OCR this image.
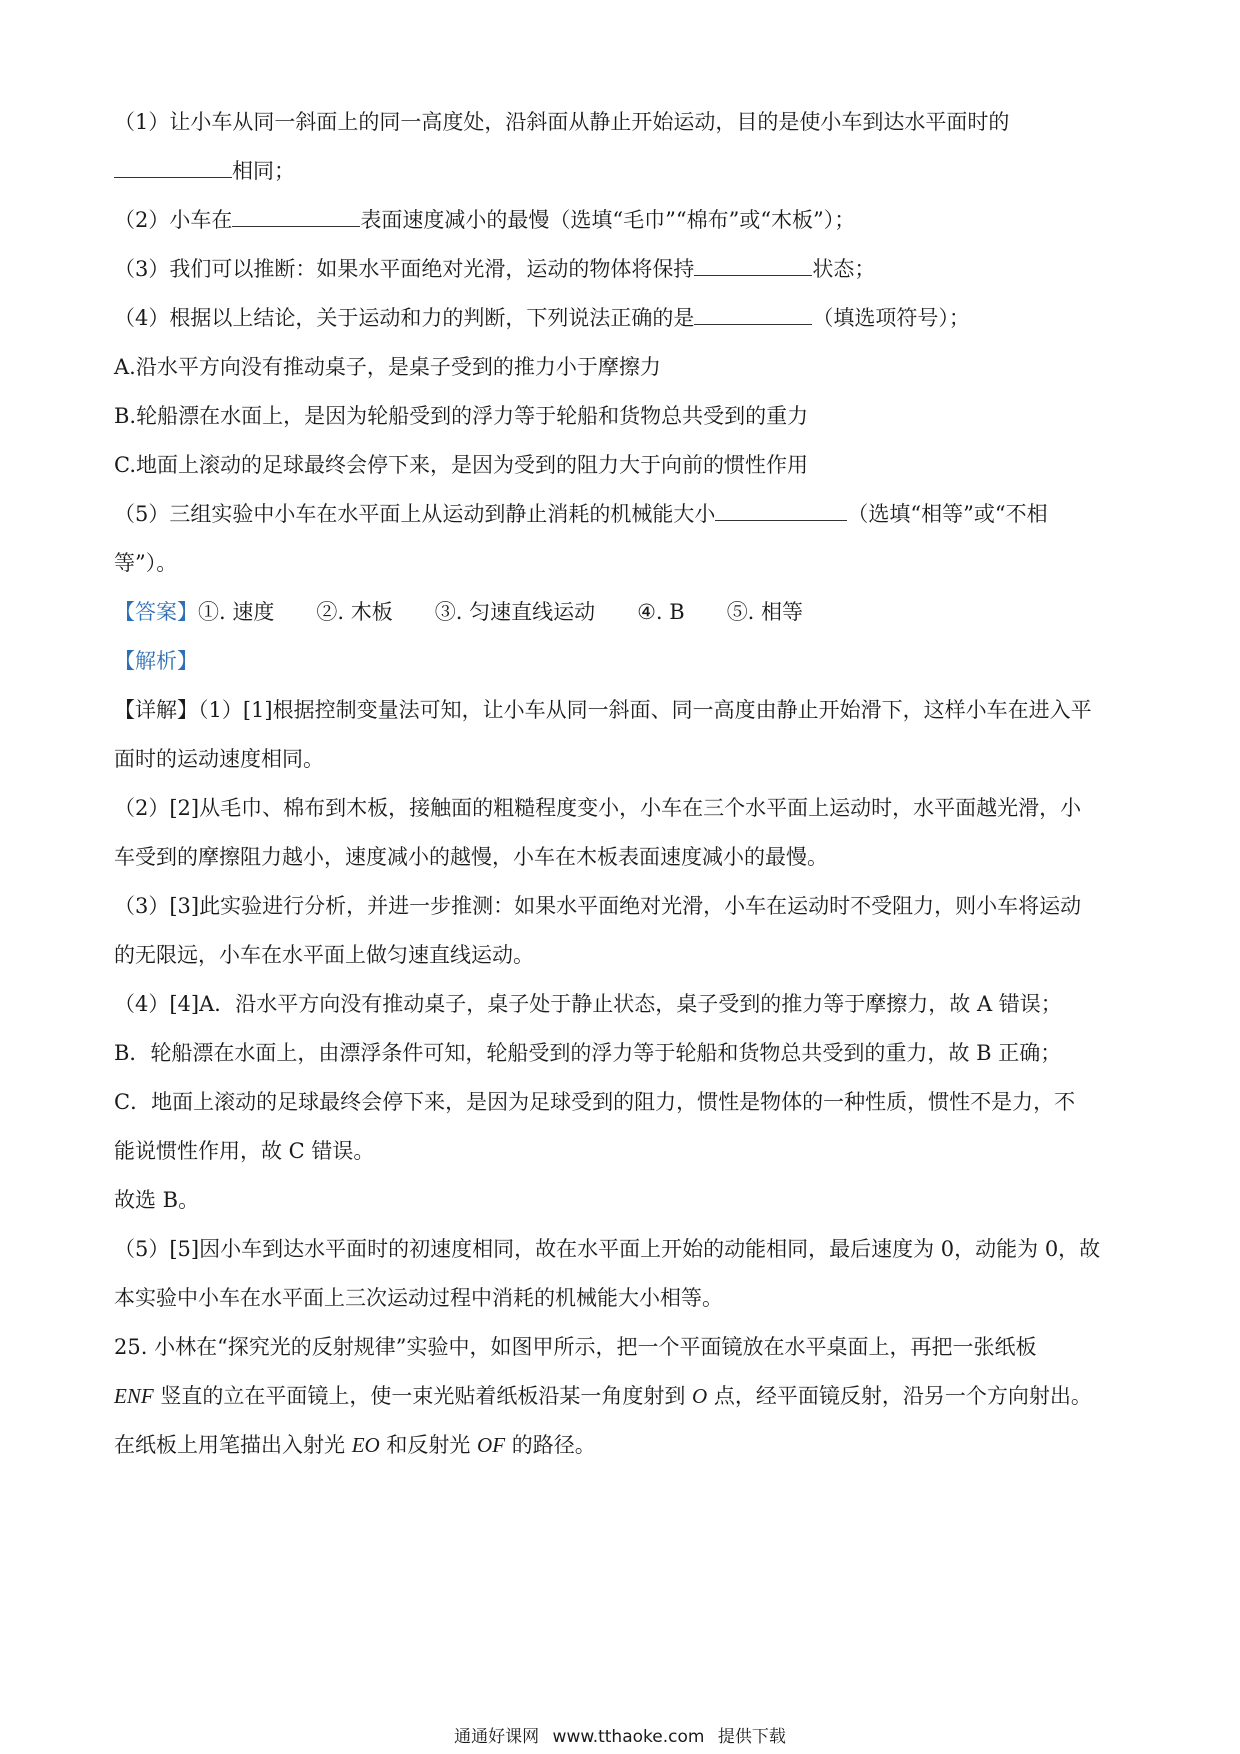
（1）让小车从同一斜面上的同一高度处，沿斜面从静止开始运动，目的是使小车到达水平面时的
相同；
（2）小车在	表面速度减小的最慢（选填“毛巾”“棉布”或“木板”）；
（3）我们可以推断：如果水平面绝对光滑，运动的物体将保持	状态；
（4）根据以上结论，关于运动和力的判断，下列说法正确的是	（填选项符号）；
A.沿水平方向没有推动桌子，是桌子受到的推力小于摩擦力
B.轮船漂在水面上，是因为轮船受到的浮力等于轮船和货物总共受到的重力
C.地面上滚动的足球最终会停下来，是因为受到的阻力大于向前的惯性作用
（5）三组实验中小车在水平面上从运动到静止消耗的机械能大小	（选填“相等”或“不相
等”）。
【答案】①. 速度 ②. 木板 ③. 匀速直线运动 ④. B ⑤. 相等
【解析】
【详解】（1）[1]根据控制变量法可知，让小车从同一斜面、同一高度由静止开始滑下，这样小车在进入平
面时的运动速度相同。
（2）[2]从毛巾、棉布到木板，接触面的粗糙程度变小，小车在三个水平面上运动时，水平面越光滑，小
车受到的摩擦阻力越小，速度减小的越慢，小车在木板表面速度减小的最慢。
（3）[3]此实验进行分析，并进一步推测：如果水平面绝对光滑，小车在运动时不受阻力，则小车将运动
的无限远，小车在水平面上做匀速直线运动。
（4）[4]A．沿水平方向没有推动桌子，桌子处于静止状态，桌子受到的推力等于摩擦力，故 A 错误；
B．轮船漂在水面上，由漂浮条件可知，轮船受到的浮力等于轮船和货物总共受到的重力，故 B 正确；
C．地面上滚动的足球最终会停下来，是因为足球受到的阻力，惯性是物体的一种性质，惯性不是力，不
能说惯性作用，故 C 错误。
故选 B。
（5）[5]因小车到达水平面时的初速度相同，故在水平面上开始的动能相同，最后速度为 0，动能为 0，故
本实验中小车在水平面上三次运动过程中消耗的机械能大小相等。
25. 小林在“探究光的反射规律”实验中，如图甲所示，把一个平面镜放在水平桌面上，再把一张纸板
ENF 竖直的立在平面镜上，使一束光贴着纸板沿某一角度射到 O 点，经平面镜反射，沿另一个方向射出。
在纸板上用笔描出入射光 EO 和反射光 OF 的路径。
通通好课网 www.tthaoke.com 提供下载
